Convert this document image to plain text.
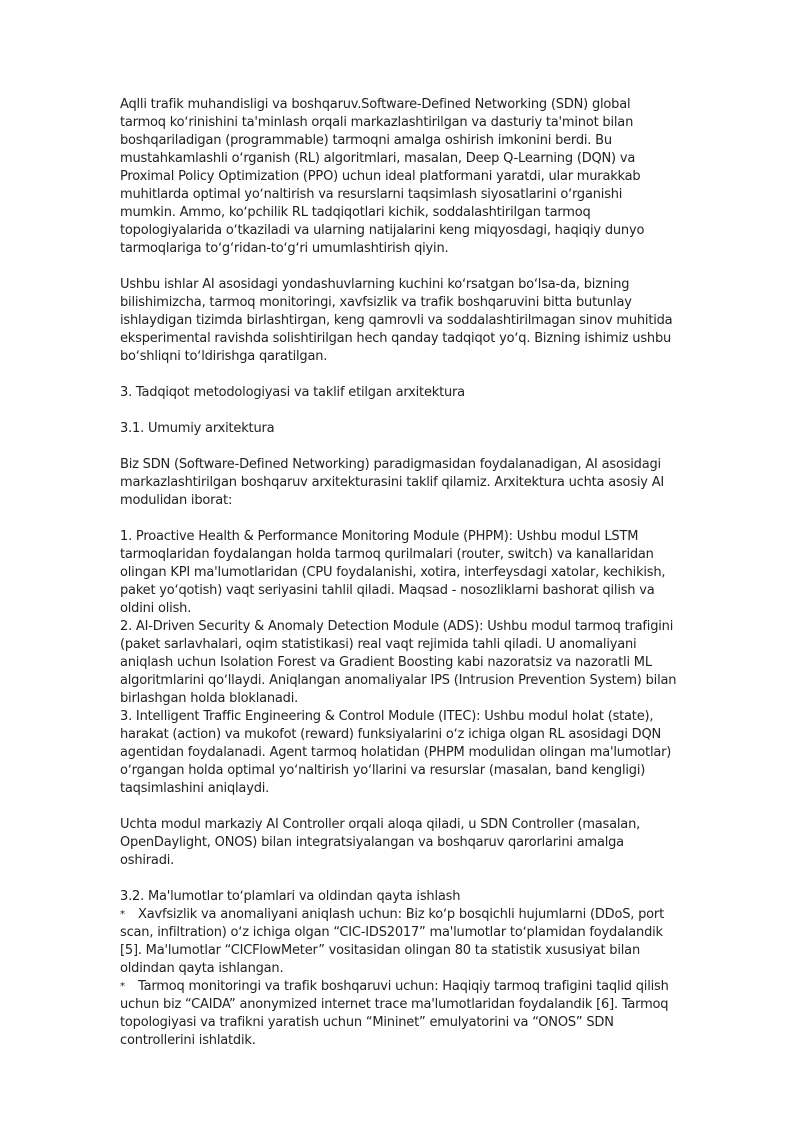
Aqlli trafik muhandisligi va boshqaruv.Software-Defined Networking (SDN) global tarmoq koʻrinishini ta'minlash orqali markazlashtirilgan va dasturiy ta'minot bilan boshqariladigan (programmable) tarmoqni amalga oshirish imkonini berdi. Bu mustahkamlashli oʻrganish (RL) algoritmlari, masalan, Deep Q-Learning (DQN) va Proximal Policy Optimization (PPO) uchun ideal platformani yaratdi, ular murakkab muhitlarda optimal yoʻnaltirish va resurslarni taqsimlash siyosatlarini oʻrganishi mumkin. Ammo, koʻpchilik RL tadqiqotlari kichik, soddalashtirilgan tarmoq topologiyalarida oʻtkaziladi va ularning natijalarini keng miqyosdagi, haqiqiy dunyo tarmoqlariga toʻgʻridan-toʻgʻri umumlashtirish qiyin.

Ushbu ishlar AI asosidagi yondashuvlarning kuchini koʻrsatgan boʻlsa-da, bizning bilishimizcha, tarmoq monitoringi, xavfsizlik va trafik boshqaruvini bitta butunlay ishlaydigan tizimda birlashtirgan, keng qamrovli va soddalashtirilmagan sinov muhitida eksperimental ravishda solishtirilgan hech qanday tadqiqot yoʻq. Bizning ishimiz ushbu boʻshliqni toʻldirishga qaratilgan.

3. Tadqiqot metodologiyasi va taklif etilgan arxitektura

3.1. Umumiy arxitektura

Biz SDN (Software-Defined Networking) paradigmasidan foydalanadigan, AI asosidagi markazlashtirilgan boshqaruv arxitekturasini taklif qilamiz. Arxitektura uchta asosiy AI modulidan iborat:

1. Proactive Health & Performance Monitoring Module (PHPM): Ushbu modul LSTM tarmoqlaridan foydalangan holda tarmoq qurilmalari (router, switch) va kanallaridan olingan KPI ma'lumotlaridan (CPU foydalanishi, xotira, interfeysdagi xatolar, kechikish, paket yoʻqotish) vaqt seriyasini tahlil qiladi. Maqsad - nosozliklarni bashorat qilish va oldini olish.

2. AI-Driven Security & Anomaly Detection Module (ADS): Ushbu modul tarmoq trafigini (paket sarlavhalari, oqim statistikasi) real vaqt rejimida tahli qiladi. U anomaliyani aniqlash uchun Isolation Forest va Gradient Boosting kabi nazoratsiz va nazoratli ML algoritmlarini qoʻllaydi. Aniqlangan anomaliyalar IPS (Intrusion Prevention System) bilan birlashgan holda bloklanadi.

3. Intelligent Traffic Engineering & Control Module (ITEC): Ushbu modul holat (state), harakat (action) va mukofot (reward) funksiyalarini oʻz ichiga olgan RL asosidagi DQN agentidan foydalanadi. Agent tarmoq holatidan (PHPM modulidan olingan ma'lumotlar) oʻrgangan holda optimal yoʻnaltirish yoʻllarini va resurslar (masalan, band kengligi) taqsimlashini aniqlaydi.

Uchta modul markaziy AI Controller orqali aloqa qiladi, u SDN Controller (masalan, OpenDaylight, ONOS) bilan integratsiyalangan va boshqaruv qarorlarini amalga oshiradi.

3.2. Ma'lumotlar toʻplamlari va oldindan qayta ishlash

* Xavfsizlik va anomaliyani aniqlash uchun: Biz koʻp bosqichli hujumlarni (DDoS, port scan, infiltration) oʻz ichiga olgan “CIC-IDS2017” ma'lumotlar toʻplamidan foydalandik [5]. Ma'lumotlar “CICFlowMeter” vositasidan olingan 80 ta statistik xususiyat bilan oldindan qayta ishlangan.

* Tarmoq monitoringi va trafik boshqaruvi uchun: Haqiqiy tarmoq trafigini taqlid qilish uchun biz “CAIDA” anonymized internet trace ma'lumotlaridan foydalandik [6]. Tarmoq topologiyasi va trafikni yaratish uchun “Mininet” emulyatorini va “ONOS” SDN controllerini ishlatdik.
